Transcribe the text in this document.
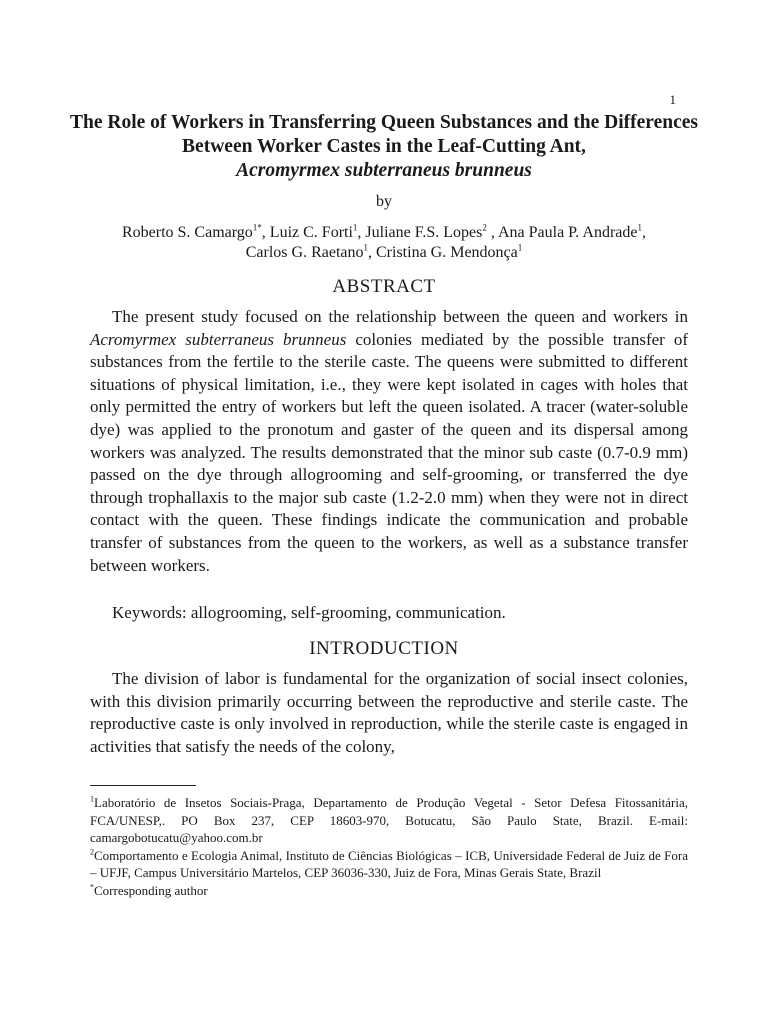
1
The Role of Workers in Transferring Queen Substances and the Differences Between Worker Castes in the Leaf-Cutting Ant,
Acromyrmex subterraneus brunneus
by
Roberto S. Camargo$^{1*}$, Luiz C. Forti$^1$, Juliane F.S. Lopes$^2$ , Ana Paula P. Andrade$^1$,
Carlos G. Raetano$^1$, Cristina G. Mendonça$^1$
ABSTRACT

The present study focused on the relationship between the queen and workers in Acromyrmex subterraneus brunneus colonies mediated by the possible transfer of substances from the fertile to the sterile caste. The queens were submitted to different situations of physical limitation, i.e., they were kept isolated in cages with holes that only permitted the entry of workers but left the queen isolated. A tracer (water-soluble dye) was applied to the pronotum and gaster of the queen and its dispersal among workers was analyzed. The results demonstrated that the minor sub caste (0.7-0.9 mm) passed on the dye through allogrooming and self-grooming, or transferred the dye through trophallaxis to the major sub caste (1.2-2.0 mm) when they were not in direct contact with the queen. These findings indicate the communication and probable transfer of substances from the queen to the workers, as well as a substance transfer between workers.

Keywords: allogrooming, self-grooming, communication.

INTRODUCTION

The division of labor is fundamental for the organization of social insect colonies, with this division primarily occurring between the reproductive and sterile caste. The reproductive caste is only involved in reproduction, while the sterile caste is engaged in activities that satisfy the needs of the colony,

$^1$Laboratório de Insetos Sociais-Praga, Departamento de Produção Vegetal - Setor Defesa Fitossanitária, FCA/UNESP,. PO Box 237, CEP 18603-970, Botucatu, São Paulo State, Brazil. E-mail: camargobotucatu@yahoo.com.br

$^2$Comportamento e Ecologia Animal, Instituto de Ciências Biológicas – ICB, Universidade Federal de Juiz de Fora – UFJF, Campus Universitário Martelos, CEP 36036-330, Juiz de Fora, Minas Gerais State, Brazil

*Corresponding author
